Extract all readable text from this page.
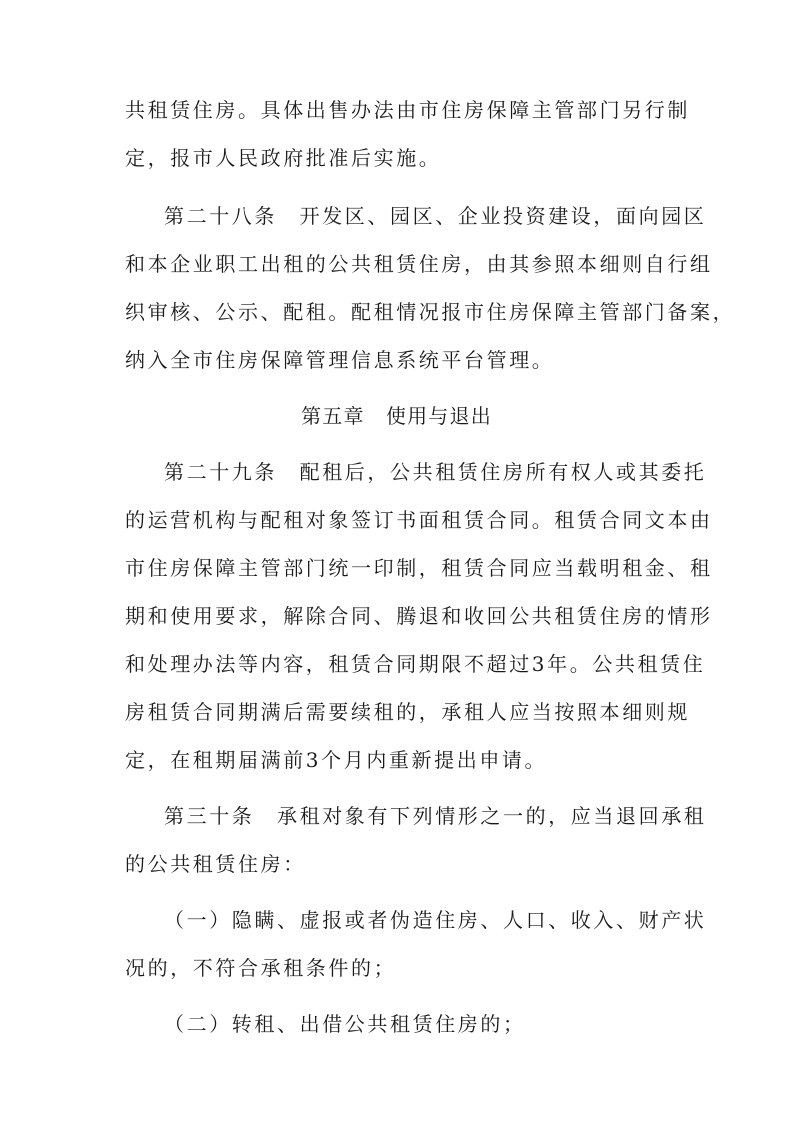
共租赁住房。具体出售办法由市住房保障主管部门另行制
定，报市人民政府批准后实施。
第二十八条　开发区、园区、企业投资建设，面向园区
和本企业职工出租的公共租赁住房，由其参照本细则自行组
织审核、公示、配租。配租情况报市住房保障主管部门备案，
纳入全市住房保障管理信息系统平台管理。
第五章　使用与退出
第二十九条　配租后，公共租赁住房所有权人或其委托
的运营机构与配租对象签订书面租赁合同。租赁合同文本由
市住房保障主管部门统一印制，租赁合同应当载明租金、租
期和使用要求，解除合同、腾退和收回公共租赁住房的情形
和处理办法等内容，租赁合同期限不超过3年。公共租赁住
房租赁合同期满后需要续租的，承租人应当按照本细则规
定，在租期届满前3个月内重新提出申请。
第三十条　承租对象有下列情形之一的，应当退回承租
的公共租赁住房：
（一）隐瞒、虚报或者伪造住房、人口、收入、财产状
况的，不符合承租条件的；
（二）转租、出借公共租赁住房的；
